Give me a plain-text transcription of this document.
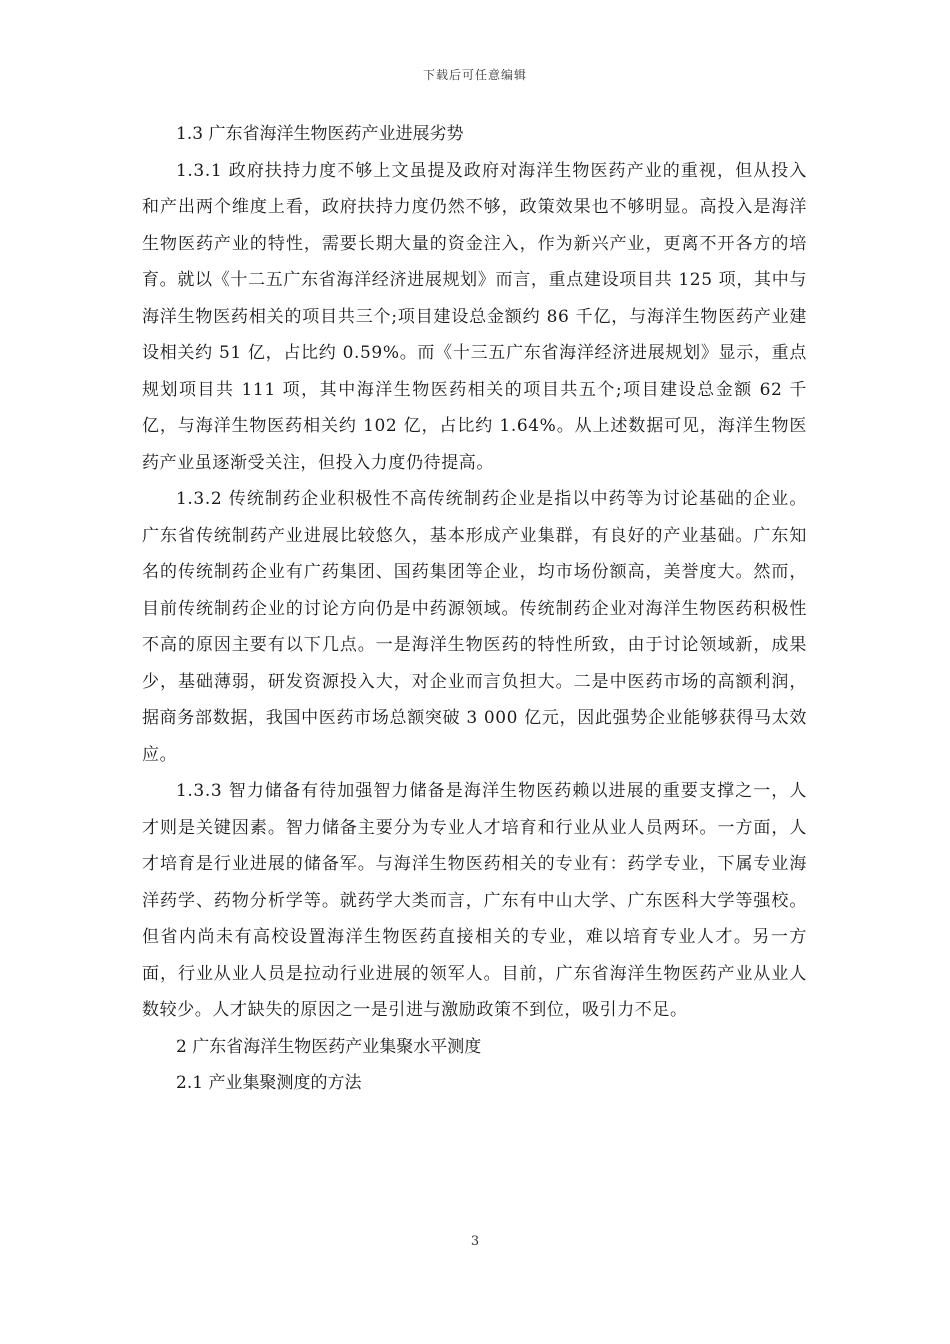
下载后可任意编辑

1.3 广东省海洋生物医药产业进展劣势

1.3.1 政府扶持力度不够上文虽提及政府对海洋生物医药产业的重视，但从投入和产出两个维度上看，政府扶持力度仍然不够，政策效果也不够明显。高投入是海洋生物医药产业的特性，需要长期大量的资金注入，作为新兴产业，更离不开各方的培育。就以《十二五广东省海洋经济进展规划》而言，重点建设项目共 125 项，其中与海洋生物医药相关的项目共三个;项目建设总金额约 86 千亿，与海洋生物医药产业建设相关约 51 亿，占比约 0.59%。而《十三五广东省海洋经济进展规划》显示，重点规划项目共 111 项，其中海洋生物医药相关的项目共五个;项目建设总金额 62 千亿，与海洋生物医药相关约 102 亿，占比约 1.64%。从上述数据可见，海洋生物医药产业虽逐渐受关注，但投入力度仍待提高。

1.3.2 传统制药企业积极性不高传统制药企业是指以中药等为讨论基础的企业。广东省传统制药产业进展比较悠久，基本形成产业集群，有良好的产业基础。广东知名的传统制药企业有广药集团、国药集团等企业，均市场份额高，美誉度大。然而，目前传统制药企业的讨论方向仍是中药源领域。传统制药企业对海洋生物医药积极性不高的原因主要有以下几点。一是海洋生物医药的特性所致，由于讨论领域新，成果少，基础薄弱，研发资源投入大，对企业而言负担大。二是中医药市场的高额利润，据商务部数据，我国中医药市场总额突破 3 000 亿元，因此强势企业能够获得马太效应。

1.3.3 智力储备有待加强智力储备是海洋生物医药赖以进展的重要支撑之一，人才则是关键因素。智力储备主要分为专业人才培育和行业从业人员两环。一方面，人才培育是行业进展的储备军。与海洋生物医药相关的专业有：药学专业，下属专业海洋药学、药物分析学等。就药学大类而言，广东有中山大学、广东医科大学等强校。但省内尚未有高校设置海洋生物医药直接相关的专业，难以培育专业人才。另一方面，行业从业人员是拉动行业进展的领军人。目前，广东省海洋生物医药产业从业人数较少。人才缺失的原因之一是引进与激励政策不到位，吸引力不足。

2 广东省海洋生物医药产业集聚水平测度

2.1 产业集聚测度的方法

3
